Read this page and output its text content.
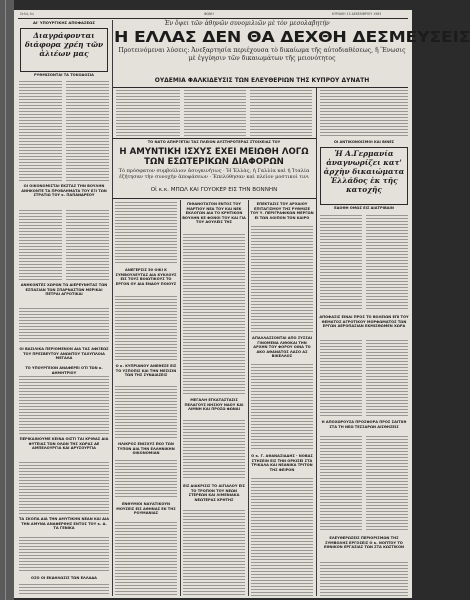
Σελίς 4η	ΦΩΝΗ	ΚΥΡΙΑΚΗ 15 ΔΕΚΕΜΒΡΙΟΥ 1963
Ἐν ὄψει τῶν ἀθηνῶν συνομιλιῶν μὲ τὸν μεσολαβητήν
Η ΕΛΛΑΣ ΔΕΝ ΘΑ ΔΕΧΘΗ ΔΕΣΜΕΥΣΕΙΣ
Προτεινόμεναι λύσεις: Ἀνεξαρτησία περιέχουσα τὸ δικαίωμα τῆς αὐτοδιαθέσεως, ἢ Ἕνωσις μὲ ἐγγύησιν τῶν δικαιωμάτων τῆς μειονότητος
ΟΥΔΕΜΙΑ ΦΑΛΚΙΔΕΥΣΙΣ ΤΩΝ ΕΛΕΥΘΕΡΙΩΝ ΤΗΣ ΚΥΠΡΟΥ ΔΥΝΑΤΗ
ΔΙ' ΥΠΟΥΡΓΙΚΗΣ ΑΠΟΦΑΣΕΩΣ
Διαγράφονται διάφορα χρέη τῶν ἁλιέων μας
ΡΥΘΜΙΖΟΝΤΑΙ ΤΑ ΤΟΚΟΔΟΣΙΑ
ΟΙ ΟΙΚΟΝΟΜΙΣΤΑΙ ΕΚΣΤΑΣ ΤΗΝ ΒΟΥΛΗΝ ΑΝΗΚΟΝΤΕ ΤΑ ΠΡΟΒΛΗΜΑΤΑ ΤΟΥ ΕΞΙ ΤΩΝ ΣΤΡΑΤΙΩ ΤΟΥ κ. ΠΑΠΑΝΔΡΕΟΥ
ΑΝΗΚΟΝΤΕΣ ΧΩΡΩΝ ΤΩ ΔΙΕΡΕΥΝΗΤΑΣ ΤΩΝ ΕΣΠΑΣΙΑΝ ΤΩΝ ΣΠΑΡΝΑΣΤΩΝ ΜΕΡΙΚΑΙ ΠΕΤΡΑΙ ΑΓΡΟΤΙΚΑΙ
ΟΙ ΒΑΣΙΛΙΚΑ ΠΕΡΙΟΜΕΝΟΝ ΔΙΑ ΤΑΣ ΑΦΙΞΕΩΣ ΤΟΥ ΠΡΕΣΒΕΥΤΟΥ ΑΝΩΝΤΟΥ ΤΑΧΥΠΛΟΙΑ ΜΕΓΑΛΑ
ΤΟ ΥΠΟΥΡΓΕΙΟΝ ΑΝΑΦΕΡΕΙ ΟΤΙ ΤΩΝ κ. ΔΗΜΗΤΡΙΟΥ
ΠΕΡΙΚΑΙΝΟΥΜΕ ΚΕΙΝΑ ΟΙΣΤΙ ΤΑΙ ΚΡΙΘΑΣ ΔΙΑ ΦΥΤΕΙΑΣ ΤΩΝ ΟΛΩΝ ΤΗΣ ΧΩΡΑΣ ΔΕ ΑΜΠΕΛΟΥΡΓΙΑ ΚΑΙ ΔΡΥΣΟΥΡΓΙΑ
ΤΑ ΣΚΟΠΑ ΔΙΑ ΤΗΝ ΑΜΥΤΙΚΗΝ ΝΕΑΝ ΚΑΙ ΔΙΑ ΤΗΝ ΑΜΥΝΑ ΑΝΑΦΕΡΘΗΣ ΕΝΤΟΣ ΤΟΥ κ. Δ. ΤΑ ΓΕΝΙΚΑ
ΟΣΟ ΟΙ ΕΚΔΗΛΩΣΙΣ ΤΩΝ ΕΛΛΑΔΑ
ΤΟ ΝΑΤΟ ΑΠΗΡΞΕΤΑΙ ΤΑΣ ΠΛΕΙΟΝ ΑΥΣΤΗΡΟΤΕΡΑΣ ΣΤΟΙΧΕΙΑΣ ΤΟΥ
Η ΑΜΥΝΤΙΚΗ ΙΣΧΥΣ ΕΧΕΙ ΜΕΙΩΘΗ ΛΟΓΩ ΤΩΝ ΕΣΩΤΕΡΙΚΩΝ ΔΙΑΦΟΡΩΝ
Τὸ πρόσφατον συμβούλιον ἀσυγκινήτως · Ἡ Ἑλλὰς, ἡ Γαλλία καὶ ἡ Ἰταλία ἐζήτησαν τὴν συνοχὴν ἀποφάσεων · Ἐπελύθησαν καὶ πλεῖον μοστικοί τινι
Οἱ κ.κ. ΜΠΩΛ ΚΑΙ ΓΟΥΟΚΕΡ ΕΙΣ ΤΗΝ ΒΟΝΝΗΝ
ΑΝΕΓΕΡΣΙΣ 50 ΟΙΚΙ Κ ΣΥΜΒΟΥΛΕΥΤΑΣ ΔΙΑ ΚΥΚΛΟΥΣ ΕΙΣ ΤΟΥΣ ΒΟΙΩΤΙΚΟΥΣ ΤΟ ΕΡΓΟΝ ΟΥ ΔΙΑ ΕΝΔΟΥ ΠΟΙΟΥΣ
Ο κ. ΚΥΠΡΙΑΝΟΥ ΑΝΕΘΕΣΕ ΕΙΣ ΤΟ ΥΣΠΟΠΙΣ ΚΑΙ ΤΗΝ ΜΕΣΙΣΙΝ ΤΩΝ ΤΗΣ ΣΥΝΔΙΑΣΕΙΣ
ΗΛΙΚΡΟΣ ΕΝΙΣΧΥΣ ΕΚΟ ΤΩΝ ΤΥΠΟΝ ΔΙΑ ΤΗΝ ΕΛΛΗΝΙΚΗΝ ΟΙΚΟΝΟΜΙΑΝ
ΕΝΘΥΜΙΟΙ ΝΑΥΑΤΙΚΟΥΝ ΜΟΥΣΕΙΣ ΕΙΣ ΑΘΗΝΑΣ ΕΚ ΤΗΣ ΡΟΥΜΑΝΙΑΣ
ΠΙΘΑΝΟΤΑΤΟΝ ΕΝΤΟΣ ΤΟΥ ΜΑΡΤΙΟΥ ΝΕΑ ΤΟΥ ΚΑΙ ΝΕΚ ΕΚΛΟΓΩΝ ΔΙΑ ΤΟ ΚΡΗΤΙΚΟΝ ΒΟΥΛΗΝ ΚΕ ΦΟΝΟΙ ΤΟΥ ΚΑΙ ΓΙΑ ΤΟΥ ΔΟΥΛΕΙΣ ΤΗΣ
ΜΕΓΑΛΗ ΕΓΚΑΤΑΣΤΑΣΙΣ ΠΕΛΑΓΟΥΣ ΝΗΣΙΟΥ ΝΑΟΥ ΚΑΙ ΛΙΜΝΗ ΚΑΙ ΠΡΟΣΩ ΦΩΝΑΙ
ΕΙΣ ΔΙΑΚΡΙΣΙΣ ΤΟ ΑΙΓΙΑΛΟΥ ΕΙΣ ΤΟ ΤΡΟΠΟΝ ΤΟΥ ΝΕΩΝ ΣΤΕΡΕΩΝ ΚΑΙ ΛΙΜΕΝΙΑΚΑ ΝΕΩΤΕΡΑΣ ΚΡΗΤΗΣ
ΕΠΕΚΤΑΣΙΣ ΤΟΥ ΑΡΧΑΙΟΥ ΕΠΙΤΑΓΙΣΜΟΥ ΤΗΣ ΡΥΘΜΙΣΕ ΤΟΥ Υ. ΠΕΡΙΓΡΑΦΙΚΩΝ ΜΕΡΓΩΝ ΕΙ ΤΩΝ ΛΟΙΠΟΝ ΤΟΝ ΚΑΙΡΟ
ΑΠΑΛΛΑΣΣΟΝΤΑΙ ΑΠΟ ΣΥΣΣΑΙ ΓΙΝΟΜΕΝΑ ΛΙΘΟΚΑΙ ΤΗΝ ΑΡΧΗΝ ΤΟΥ ΦΟΡΟΥ ΟΙΝΑ ΤΟ ΑΚΟ ΑΘΑΝΑΤΟΣ ΛΑΣΟ ΑΣ ΒΙΚΕΛΛΟΣ
Ο κ. Γ. ΑΘΑΝΑΣΙΑΔΗΣ - ΝΟΒΑΣ ΣΤΗΣΕΙΝ ΕΙΣ ΤΗΝ ΟΡΚΙΣΕΙ ΣΤΑ ΤΡΙΚΑΛΑ ΚΑΙ ΝΕΑΝΙΚΑ ΤΡΙΤΟΝ ΤΗΣ ΦΕΙΡΟΝ
ΟΙ ΑΝΤΙΚΟΝΟΙΣΜΟΙ ΚΑΙ ΒΙΝΕΣ
Ἡ Α.Γερμανία ἀναγνωρίζει κατ' ἀρχὴν δικαιώματα Ἑλλάδος ἐκ τῆς κατοχῆς
ΕΔΟΘΗ ΟΜΩΣ ΕΙΣ ΔΙΑΤΡΙΒΑΙΝ
ΑΠΟΦΑΣΙΣ ΕΙΝΑΙ ΠΡΟΣ ΤΟ ΒΟΛΕΙΩΝ ΕΠΙ ΤΟΥ ΘΕΜΑΤΟΣ ΑΓΡΟΤΙΚΟΥ ΜΟΡΦΩΜΑΤΟΣ ΤΩΝ ΕΡΓΩΝ ΑΕΡΟΠΑΣΙΑΝ ΕΚΜΙΣΘΩΜΕΝ ΧΩΡΑ
Η ΑΠΟΧΩΡΟΥΣΑ ΠΡΟΣΦΟΡΑ ΠΡΟΣ ΣΑΙΤΙΙΘ ΣΤΑ ΤΗ ΝΕΩ ΤΕΣΣΑΡΩΝ ΑΙΣΘΗΣΕΙΣ
ΕΛΕΥΘΕΡΩΣΕΙΣ ΠΕΡΙΟΡΙΣΜΩΝ ΤΗΣ ΣΥΜΒΟΛΗΣ ΕΡΓΟΣΕΙΣ Ο κ. ΝΟΠΤΟΥ ΤΟ ΕΘΝΙΚΟΝ ΕΡΓΑΣΙΑΣ ΤΩΝ ΣΤΑ ΚΩΣΤΙΚΟΝ
